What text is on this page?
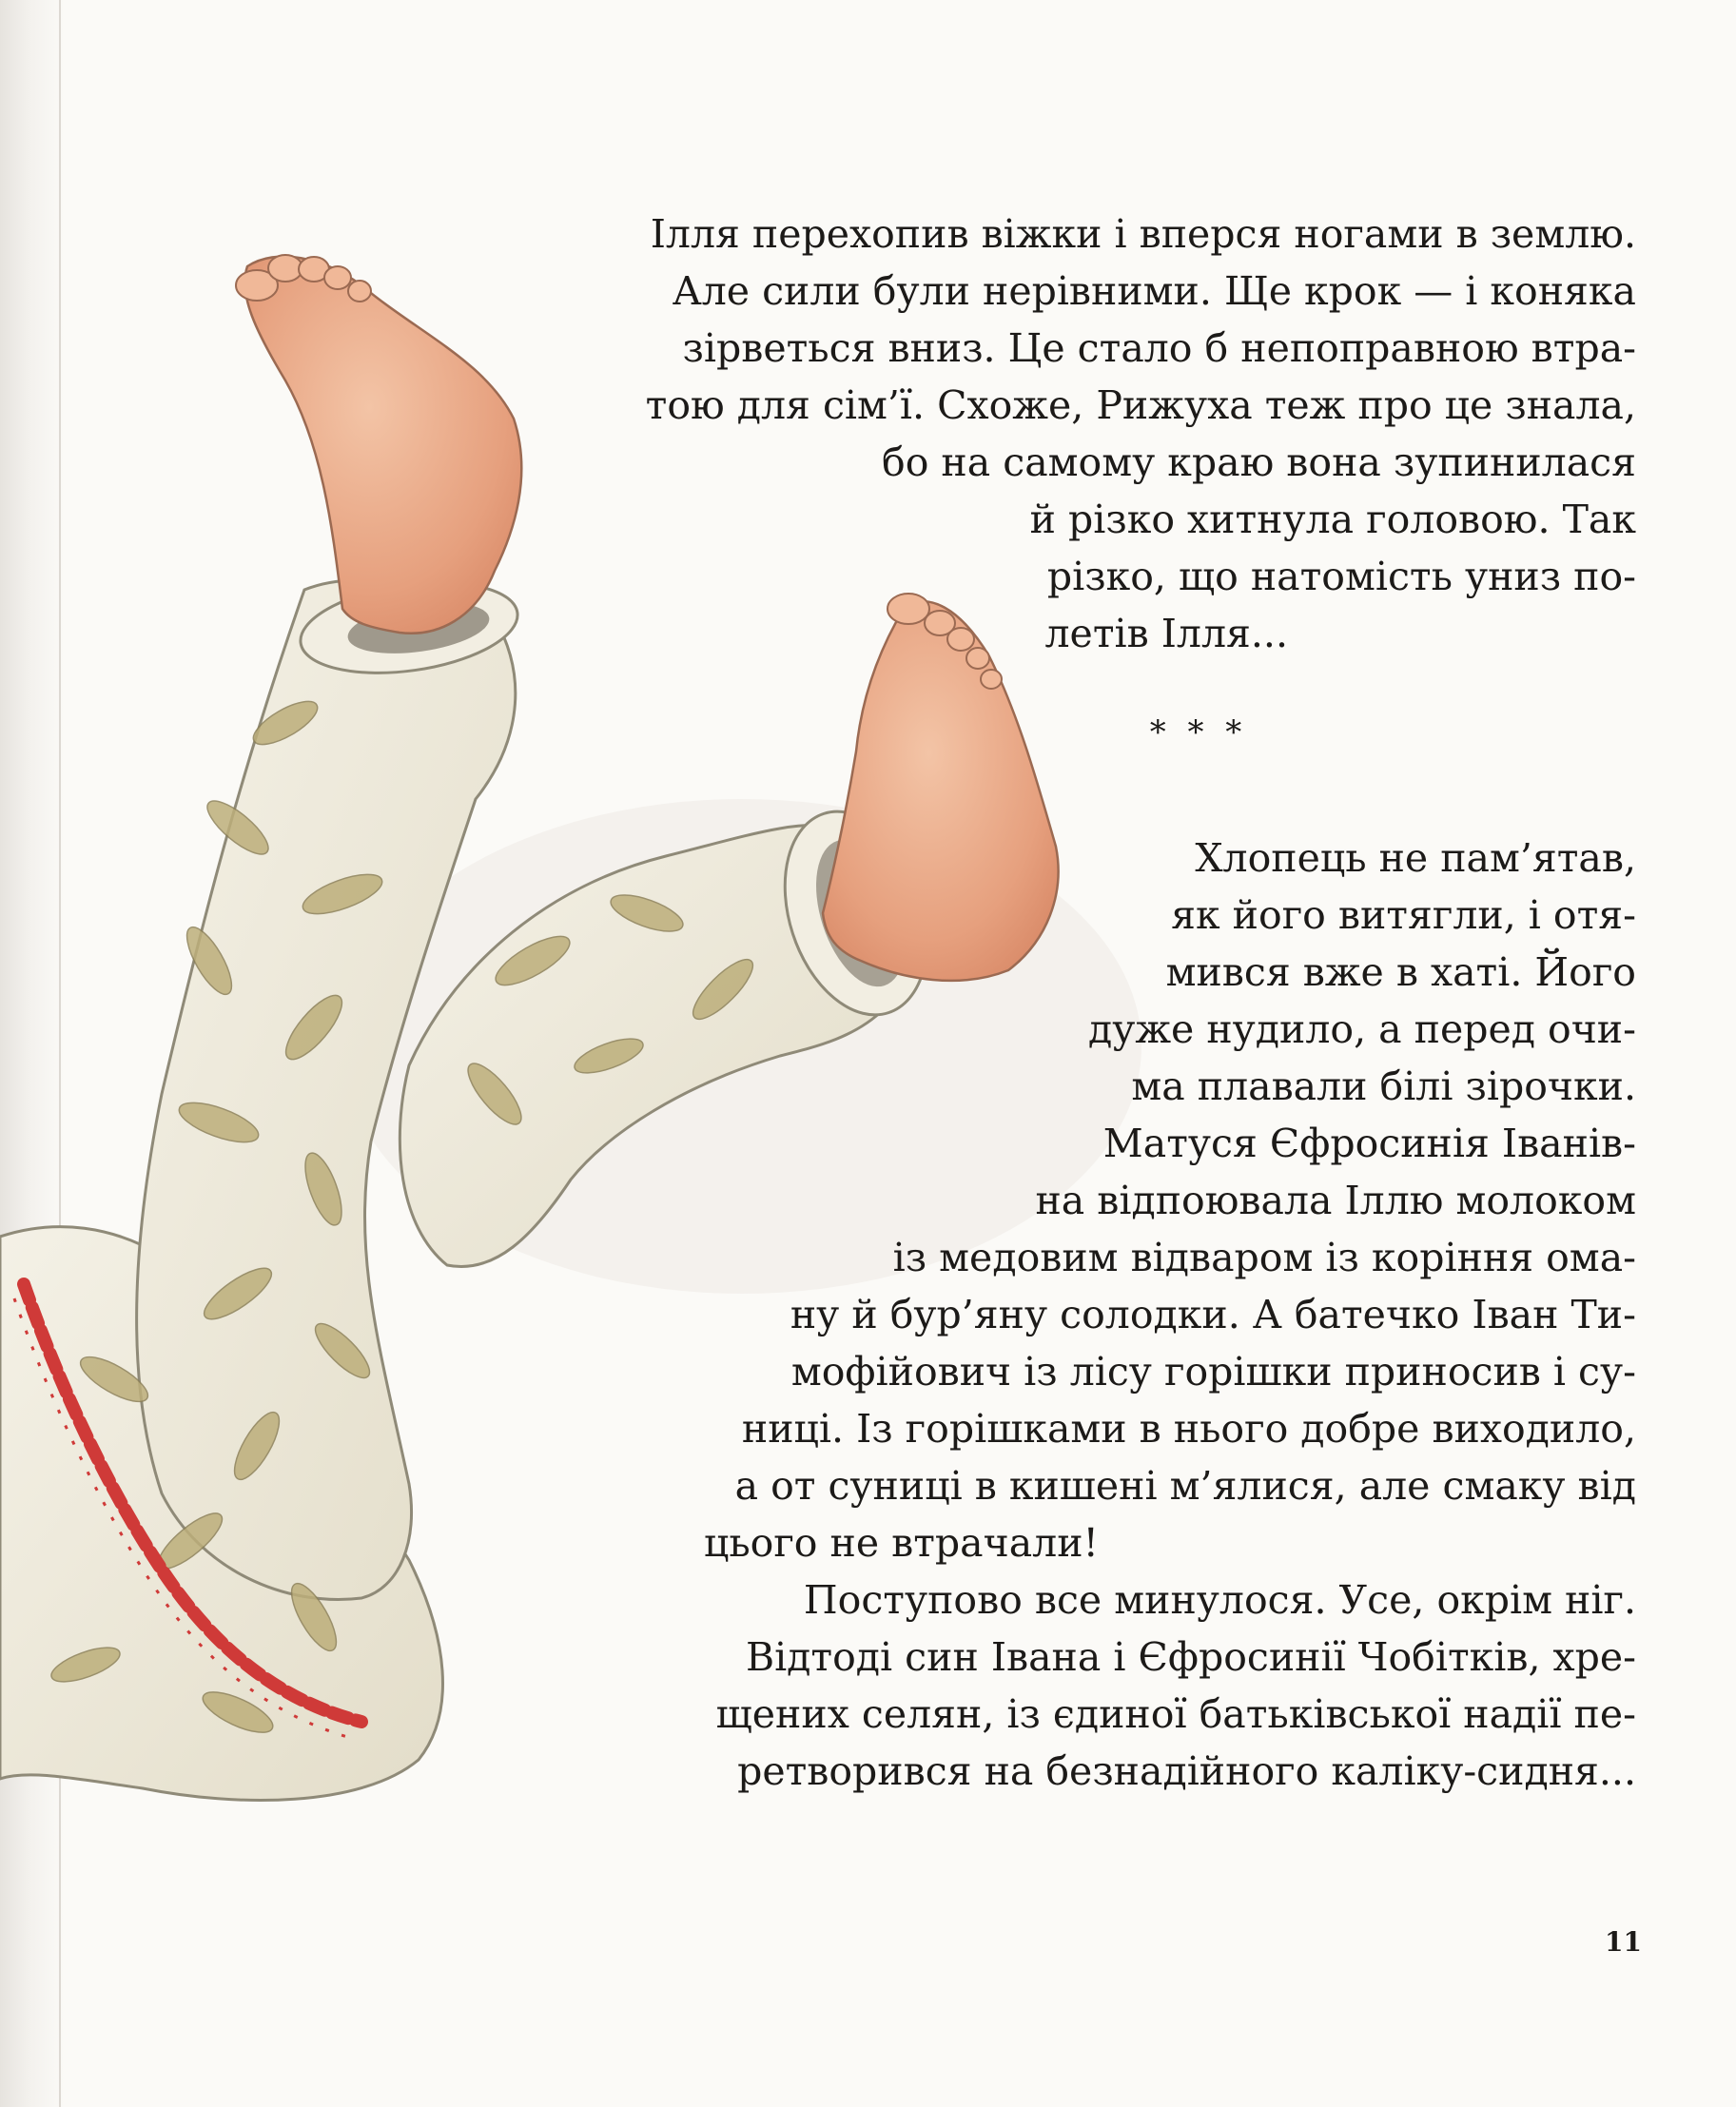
Ілля перехопив віжки і вперся ногами в землю.

Але сили були нерівними. Ще крок — і коняка

зірветься вниз. Це стало б непоправною втра-

тою для сім’ї. Схоже, Рижуха теж про це знала,

бо на самому краю вона зупинилася

й різко хитнула головою. Так

різко, що натомість униз по-

летів Ілля...

* * *

Хлопець не пам’ятав,

як його витягли, і отя-

мився вже в хаті. Його

дуже нудило, а перед очи-

ма плавали білі зірочки.

Матуся Єфросинія Іванів-

на відпоювала Іллю молоком

із медовим відваром із коріння ома-

ну й бур’яну солодки. А батечко Іван Ти-

мофійович із лісу горішки приносив і су-

ниці. Із горішками в нього добре виходило,

а от суниці в кишені м’ялися, але смаку від

цього не втрачали!

Поступово все минулося. Усе, окрім ніг.

Відтоді син Івана і Єфросинії Чобітків, хре-

щених селян, із єдиної батьківської надії пе-

ретворився на безнадійного каліку-сидня...

11
